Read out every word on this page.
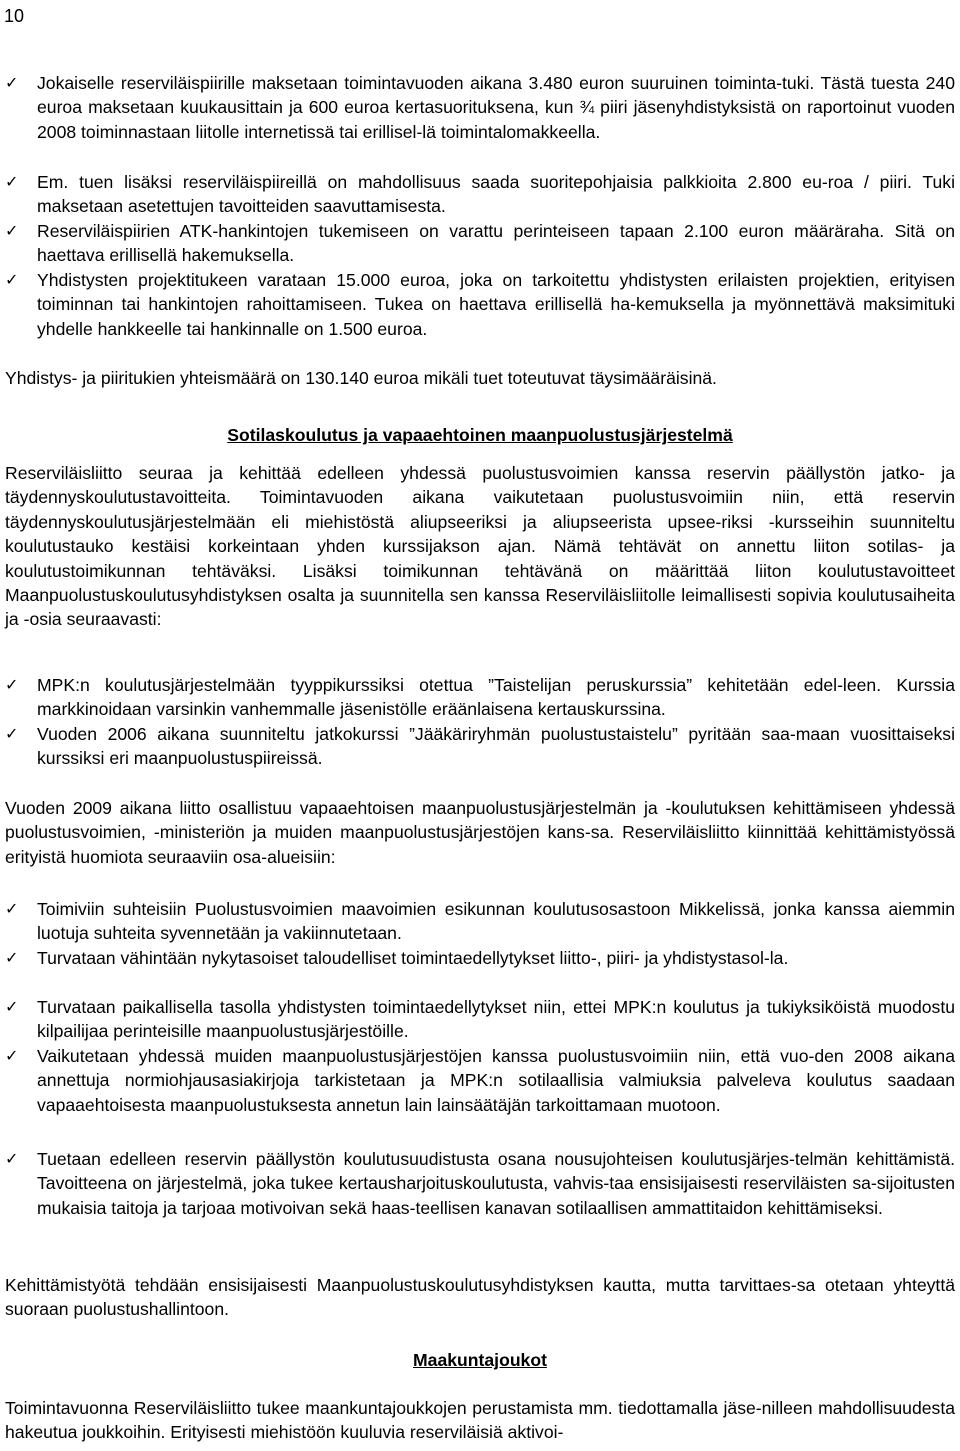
10
✓ Jokaiselle reserviläispiirille maksetaan toimintavuoden aikana 3.480 euron suuruinen toiminta-tuki. Tästä tuesta 240 euroa maksetaan kuukausittain ja 600 euroa kertasuorituksena, kun ¾ piiri jäsenyhdistyksistä on raportoinut vuoden 2008 toiminnastaan liitolle internetissä tai erillisel-lä toimintalomakkeella.
✓ Em. tuen lisäksi reserviläispiireillä on mahdollisuus saada suoritepohjaisia palkkioita 2.800 eu-roa / piiri. Tuki maksetaan asetettujen tavoitteiden saavuttamisesta.
✓ Reserviläispiirien ATK-hankintojen tukemiseen on varattu perinteiseen tapaan 2.100 euron määräraha. Sitä on haettava erillisellä hakemuksella.
✓ Yhdistysten projektitukeen varataan 15.000 euroa, joka on tarkoitettu yhdistysten erilaisten projektien, erityisen toiminnan tai hankintojen rahoittamiseen. Tukea on haettava erillisellä ha-kemuksella ja myönnettävä maksimituki yhdelle hankkeelle tai hankinnalle on 1.500 euroa.

Yhdistys- ja piiritukien yhteismäärä on 130.140 euroa mikäli tuet toteutuvat täysimääräisinä.

Sotilaskoulutus ja vapaaehtoinen maanpuolustusjärjestelmä

Reserviläisliitto seuraa ja kehittää edelleen yhdessä puolustusvoimien kanssa reservin päällystön jatko- ja täydennyskoulutustavoitteita. Toimintavuoden aikana vaikutetaan puolustusvoimiin niin, että reservin täydennyskoulutusjärjestelmään eli miehistöstä aliupseeriksi ja aliupseerista upsee-riksi -kursseihin suunniteltu koulutustauko kestäisi korkeintaan yhden kurssijakson ajan. Nämä tehtävät on annettu liiton sotilas- ja koulutustoimikunnan tehtäväksi. Lisäksi toimikunnan tehtävänä on määrittää liiton koulutustavoitteet Maanpuolustuskoulutusyhdistyksen osalta ja suunnitella sen kanssa Reserviläisliitolle leimallisesti sopivia koulutusaiheita ja -osia seuraavasti:

✓ MPK:n koulutusjärjestelmään tyyppikurssiksi otettua ”Taistelijan peruskurssia” kehitetään edel-leen. Kurssia markkinoidaan varsinkin vanhemmalle jäsenistölle eräänlaisena kertauskurssina.
✓ Vuoden 2006 aikana suunniteltu jatkokurssi ”Jääkäriryhmän puolustustaistelu” pyritään saa-maan vuosittaiseksi kurssiksi eri maanpuolustuspiireissä.

Vuoden 2009 aikana liitto osallistuu vapaaehtoisen maanpuolustusjärjestelmän ja -koulutuksen kehittämiseen yhdessä puolustusvoimien, -ministeriön ja muiden maanpuolustusjärjestöjen kans-sa. Reserviläisliitto kiinnittää kehittämistyössä erityistä huomiota seuraaviin osa-alueisiin:

✓ Toimiviin suhteisiin Puolustusvoimien maavoimien esikunnan koulutusosastoon Mikkelissä, jonka kanssa aiemmin luotuja suhteita syvennetään ja vakiinnutetaan.
✓ Turvataan vähintään nykytasoiset taloudelliset toimintaedellytykset liitto-, piiri- ja yhdistystasol-la.
✓ Turvataan paikallisella tasolla yhdistysten toimintaedellytykset niin, ettei MPK:n koulutus ja tukiyksiköistä muodostu kilpailijaa perinteisille maanpuolustusjärjestöille.
✓ Vaikutetaan yhdessä muiden maanpuolustusjärjestöjen kanssa puolustusvoimiin niin, että vuo-den 2008 aikana annettuja normiohjausasiakirjoja tarkistetaan ja MPK:n sotilaallisia valmiuksia palveleva koulutus saadaan vapaaehtoisesta maanpuolustuksesta annetun lain lainsäätäjän tarkoittamaan muotoon.
✓ Tuetaan edelleen reservin päällystön koulutusuudistusta osana nousujohteisen koulutusjärjes-telmän kehittämistä. Tavoitteena on järjestelmä, joka tukee kertausharjoituskoulutusta, vahvis-taa ensisijaisesti reserviläisten sa-sijoitusten mukaisia taitoja ja tarjoaa motivoivan sekä haas-teellisen kanavan sotilaallisen ammattitaidon kehittämiseksi.

Kehittämistyötä tehdään ensisijaisesti Maanpuolustuskoulutusyhdistyksen kautta, mutta tarvittaes-sa otetaan yhteyttä suoraan puolustushallintoon.

Maakuntajoukot

Toimintavuonna Reserviläisliitto tukee maankuntajoukkojen perustamista mm. tiedottamalla jäse-nilleen mahdollisuudesta hakeutua joukkoihin. Erityisesti miehistöön kuuluvia reserviläisiä aktivoi-
